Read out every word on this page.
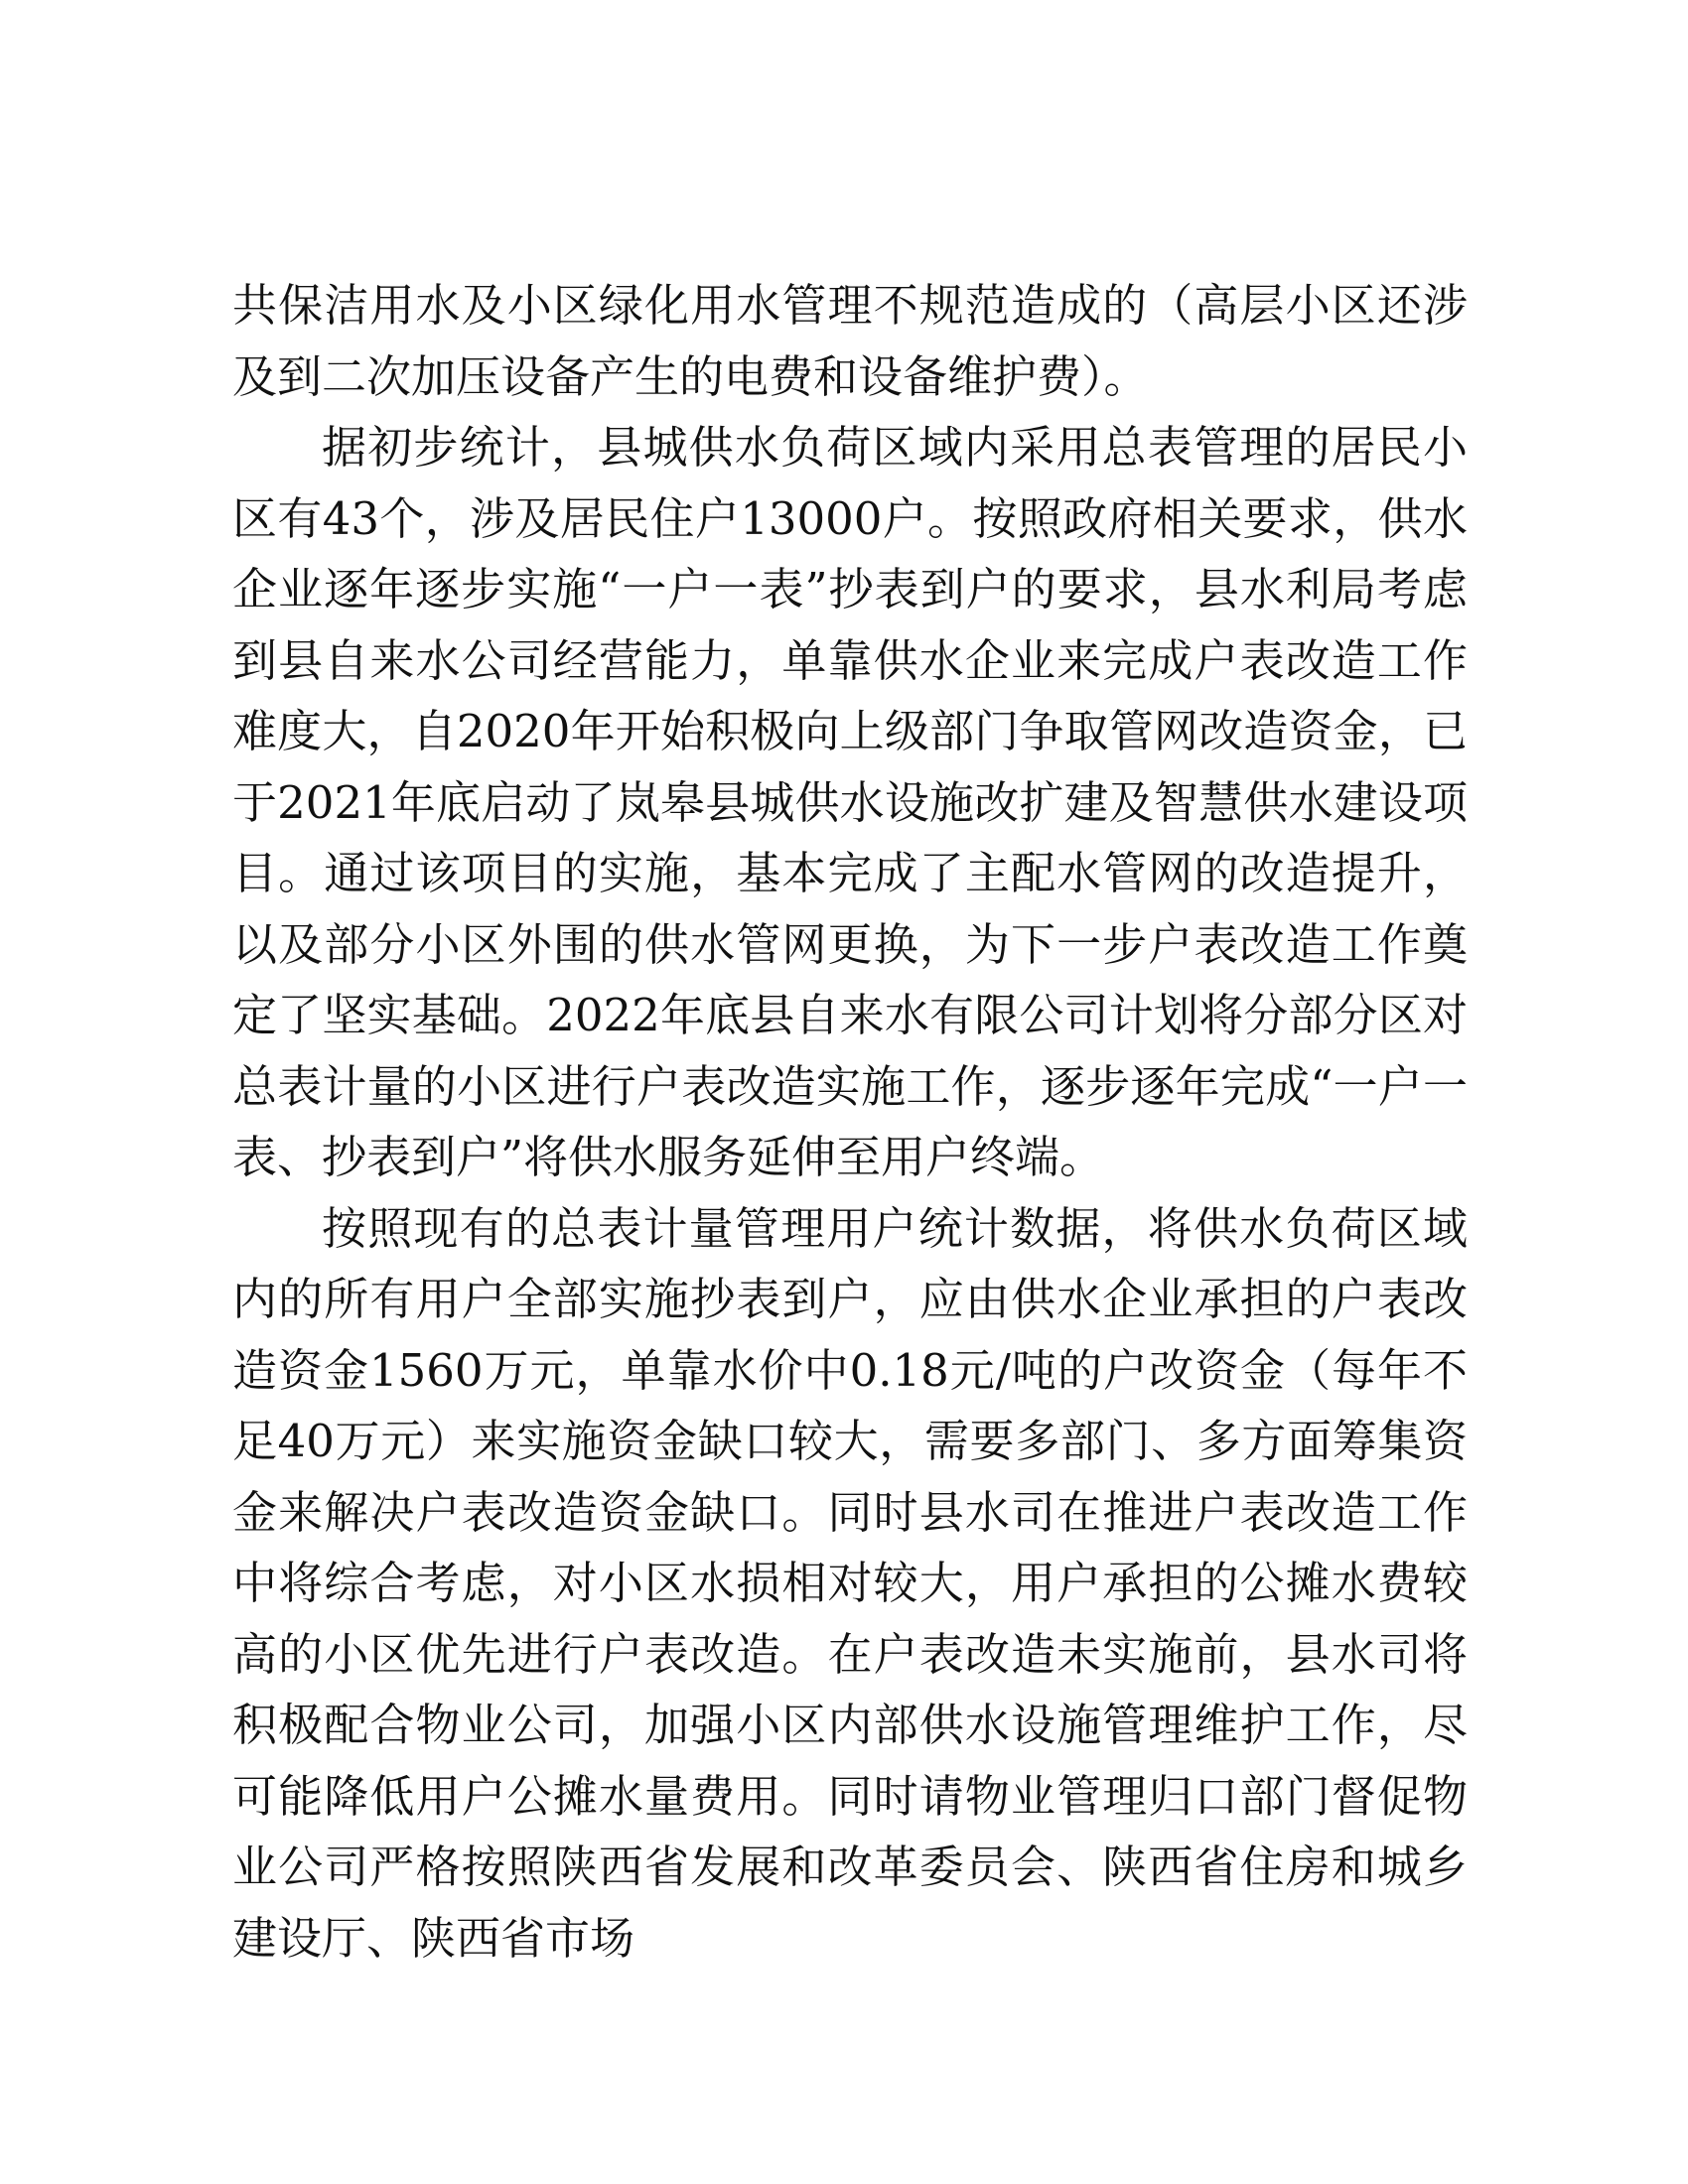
共保洁用水及小区绿化用水管理不规范造成的（高层小区还涉及到二次加压设备产生的电费和设备维护费）。

据初步统计，县城供水负荷区域内采用总表管理的居民小区有43个，涉及居民住户13000户。按照政府相关要求，供水企业逐年逐步实施“一户一表”抄表到户的要求，县水利局考虑到县自来水公司经营能力，单靠供水企业来完成户表改造工作难度大，自2020年开始积极向上级部门争取管网改造资金，已于2021年底启动了岚皋县城供水设施改扩建及智慧供水建设项目。通过该项目的实施，基本完成了主配水管网的改造提升，以及部分小区外围的供水管网更换，为下一步户表改造工作奠定了坚实基础。2022年底县自来水有限公司计划将分部分区对总表计量的小区进行户表改造实施工作，逐步逐年完成“一户一表、抄表到户”将供水服务延伸至用户终端。

按照现有的总表计量管理用户统计数据，将供水负荷区域内的所有用户全部实施抄表到户，应由供水企业承担的户表改造资金1560万元，单靠水价中0.18元/吨的户改资金（每年不足40万元）来实施资金缺口较大，需要多部门、多方面筹集资金来解决户表改造资金缺口。同时县水司在推进户表改造工作中将综合考虑，对小区水损相对较大，用户承担的公摊水费较高的小区优先进行户表改造。在户表改造未实施前，县水司将积极配合物业公司，加强小区内部供水设施管理维护工作，尽可能降低用户公摊水量费用。同时请物业管理归口部门督促物业公司严格按照陕西省发展和改革委员会、陕西省住房和城乡建设厅、陕西省市场
